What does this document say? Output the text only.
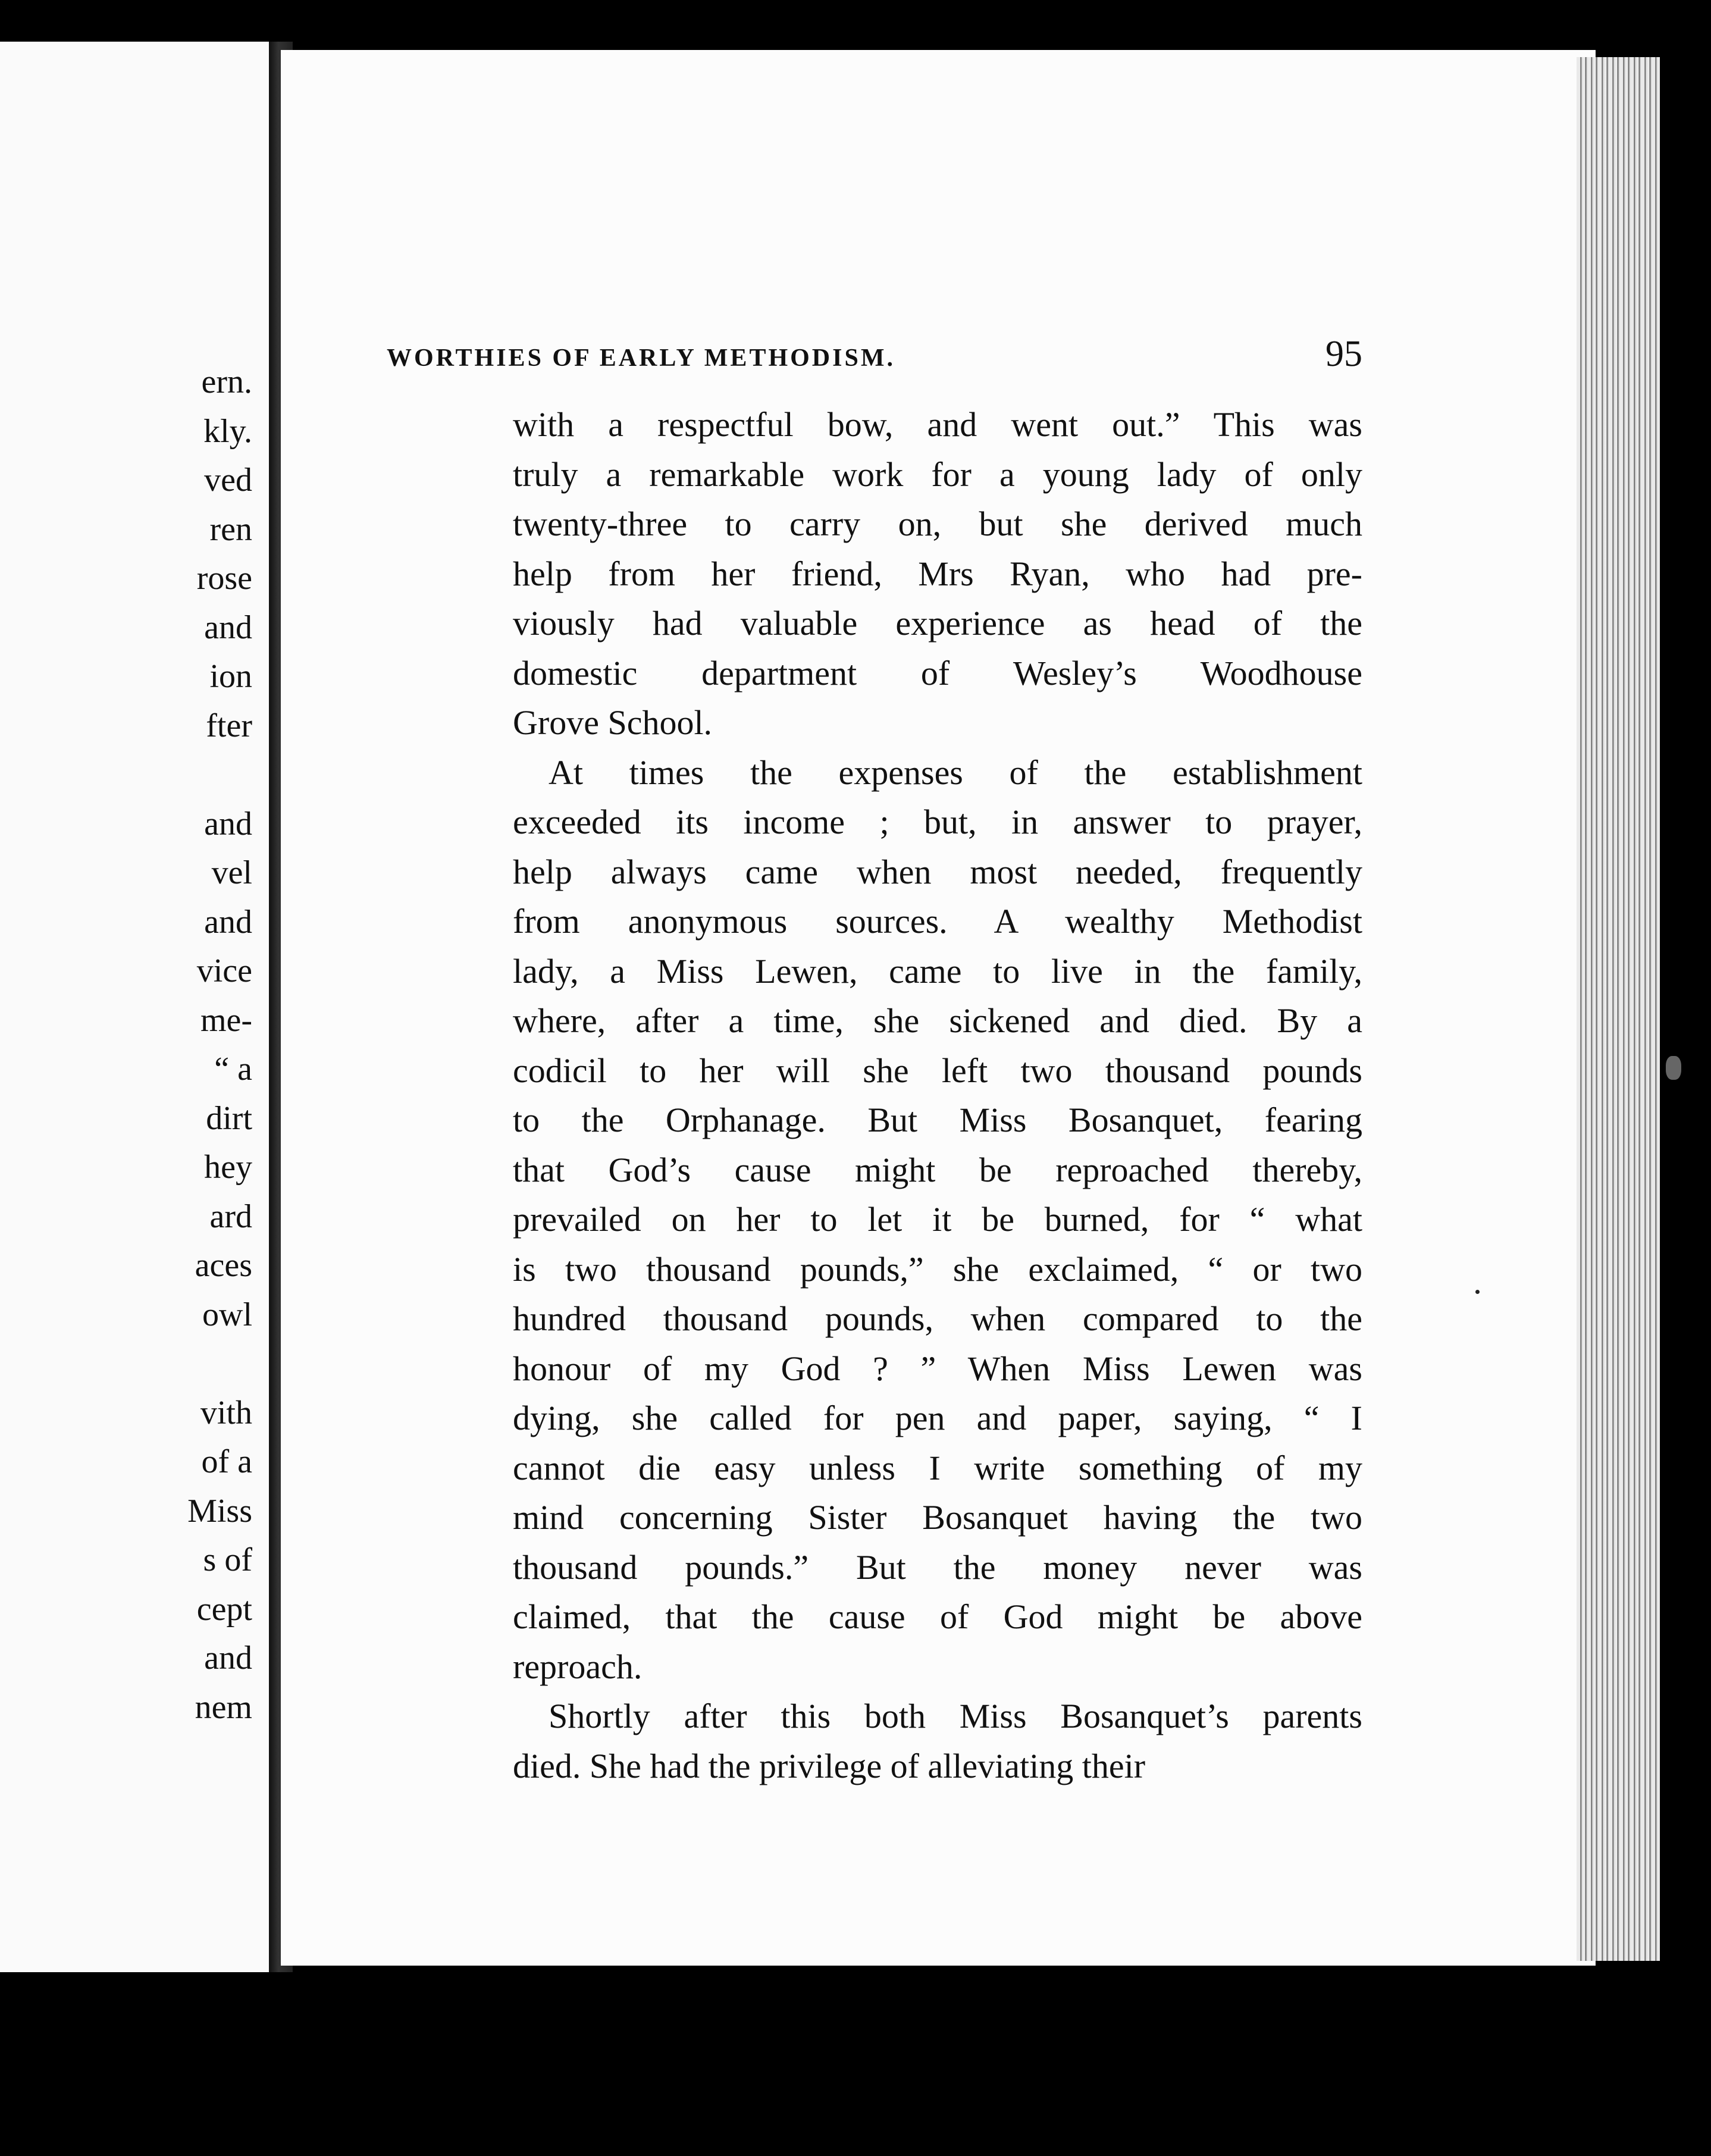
ern.
kly.
ved
ren
rose
and
ion
fter
and
vel
and
vice
me-
“ a
dirt
hey
ard
aces
owl
vith
of a
Miss
s of
cept
and
nem
WORTHIES OF EARLY METHODISM.	95
with a respectful bow, and went out.” This was
truly a remarkable work for a young lady of only
twenty-three to carry on, but she derived much
help from her friend, Mrs Ryan, who had pre-
viously had valuable experience as head of the
domestic department of Wesley’s Woodhouse
Grove School.
At times the expenses of the establishment
exceeded its income ; but, in answer to prayer,
help always came when most needed, frequently
from anonymous sources. A wealthy Methodist
lady, a Miss Lewen, came to live in the family,
where, after a time, she sickened and died. By a
codicil to her will she left two thousand pounds
to the Orphanage. But Miss Bosanquet, fearing
that God’s cause might be reproached thereby,
prevailed on her to let it be burned, for “ what
is two thousand pounds,” she exclaimed, “ or two
hundred thousand pounds, when compared to the
honour of my God ? ” When Miss Lewen was
dying, she called for pen and paper, saying, “ I
cannot die easy unless I write something of my
mind concerning Sister Bosanquet having the two
thousand pounds.” But the money never was
claimed, that the cause of God might be above
reproach.
Shortly after this both Miss Bosanquet’s parents
died. She had the privilege of alleviating their
